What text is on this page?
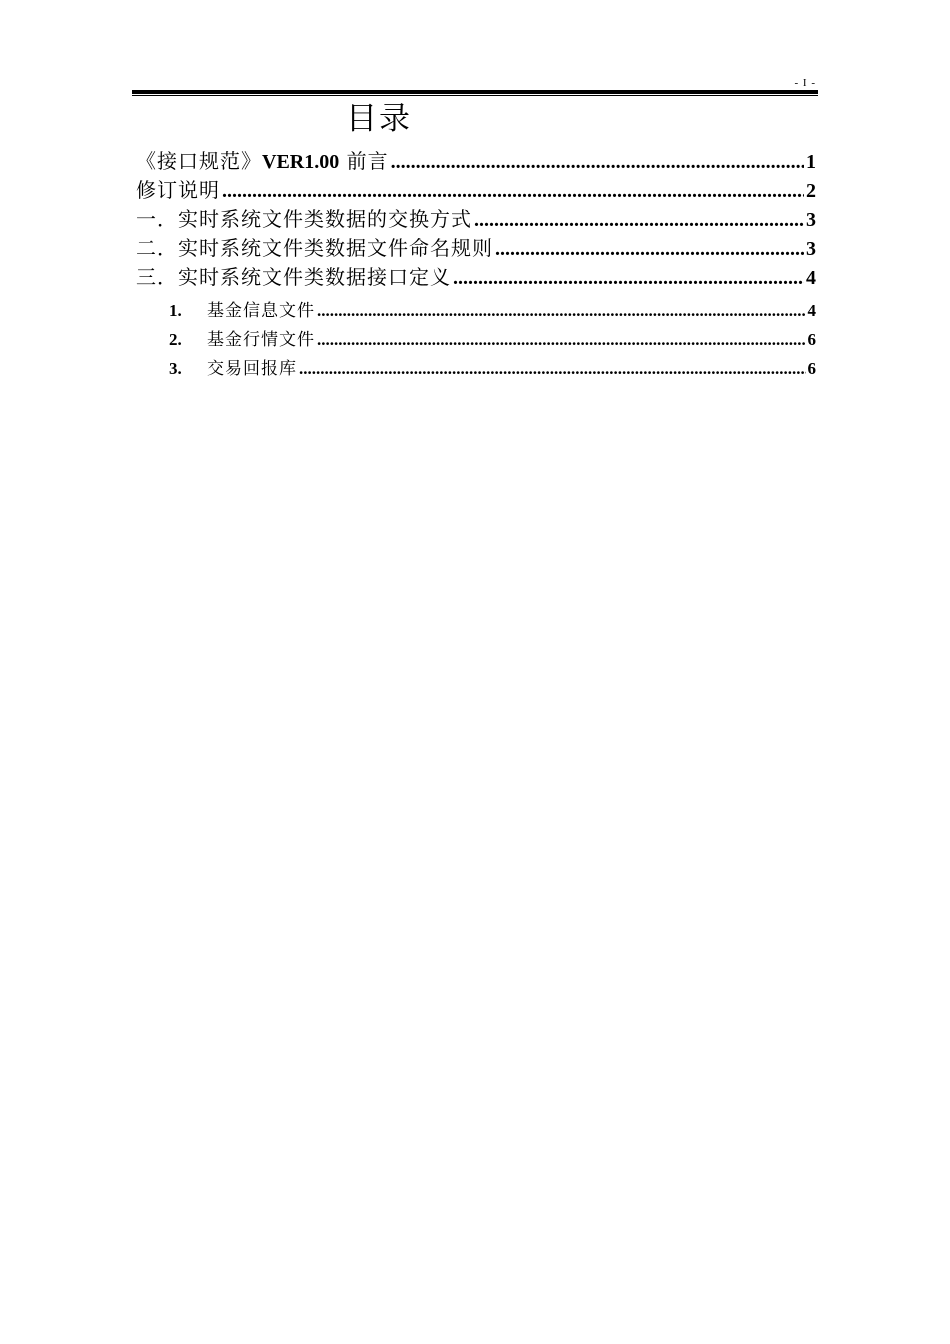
- I -
目录
《接口规范》VER1.00 前言 .....	1
修订说明 .....	2
一．实时系统文件类数据的交换方式 .....	3
二．实时系统文件类数据文件命名规则 .....	3
三．实时系统文件类数据接口定义 .....	4
1.	基金信息文件 .....	4
2.	基金行情文件 .....	6
3.	交易回报库 .....	6
